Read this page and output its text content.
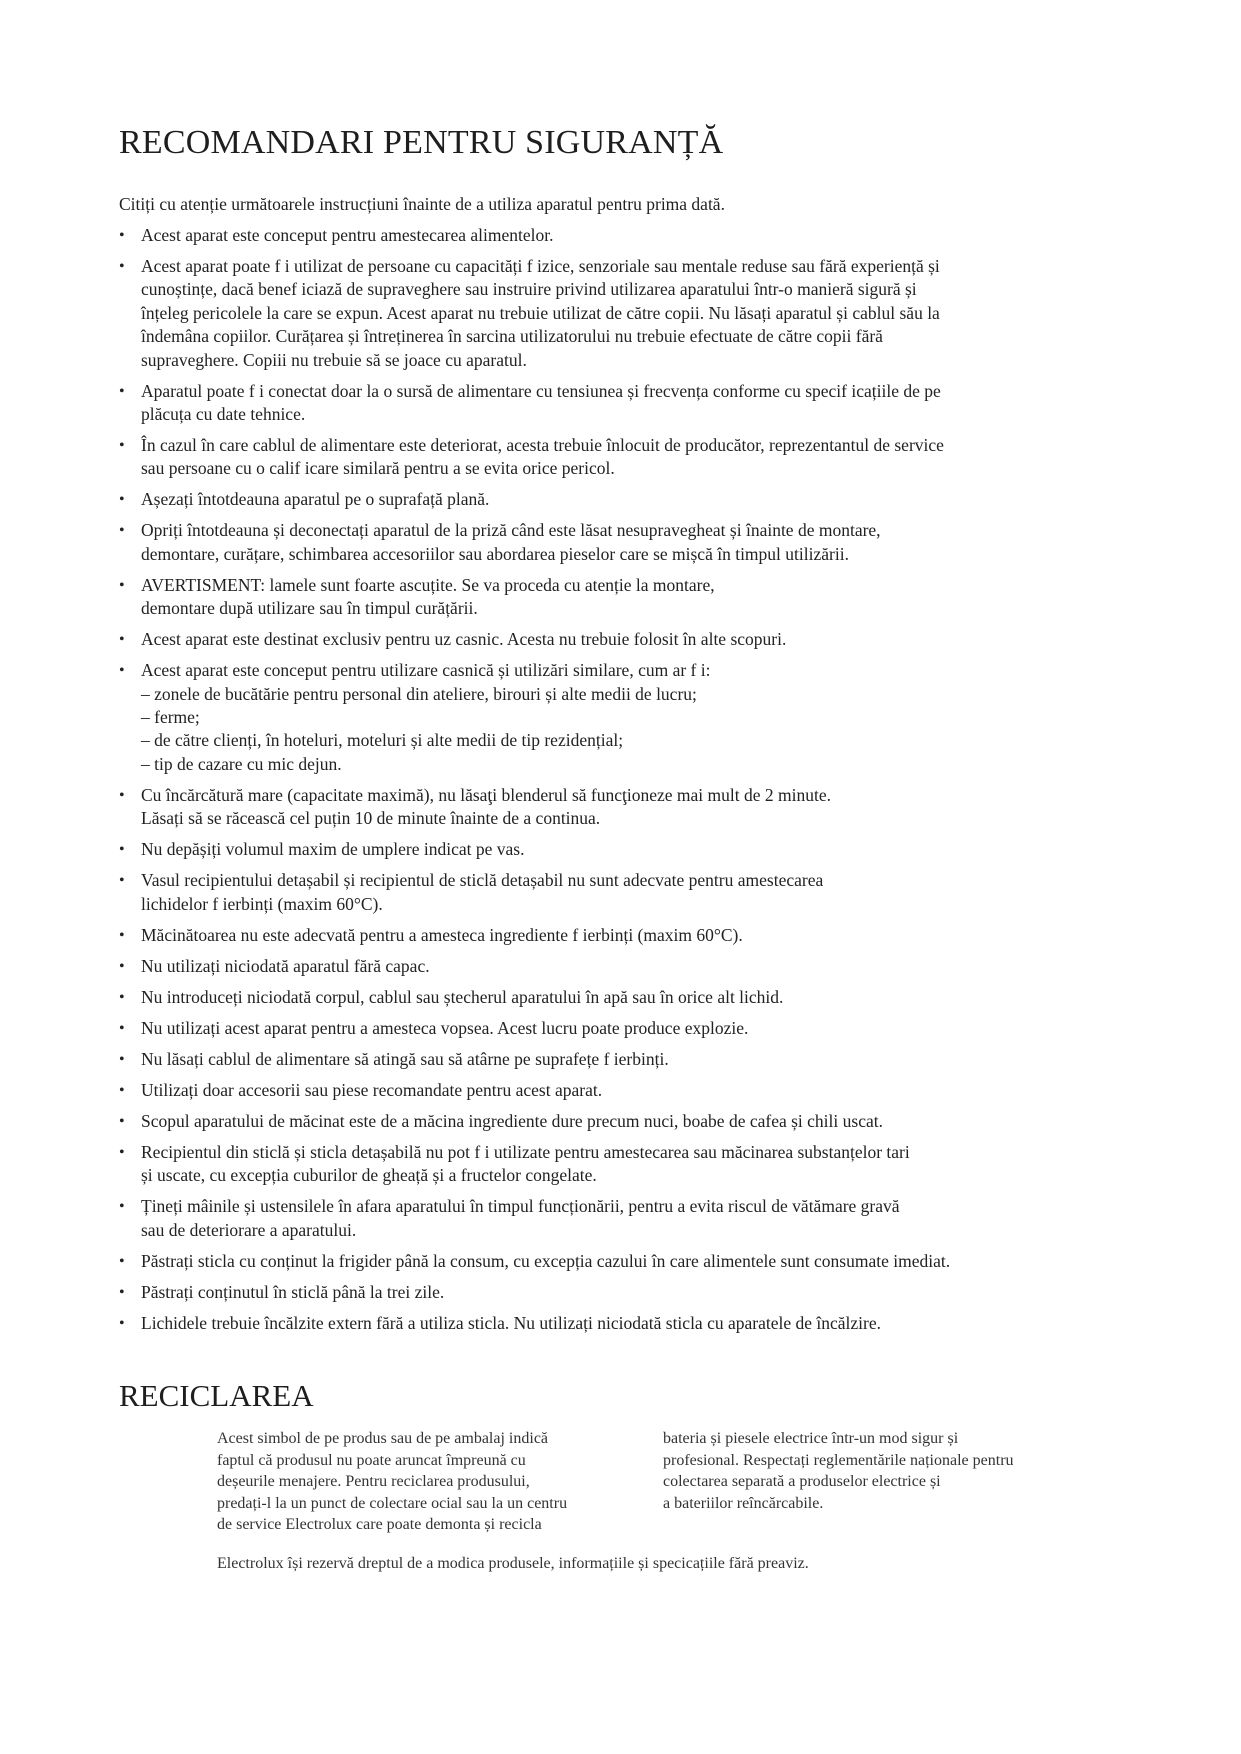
RECOMANDARI PENTRU SIGURANȚĂ

Citiți cu atenție următoarele instrucțiuni înainte de a utiliza aparatul pentru prima dată.

• Acest aparat este conceput pentru amestecarea alimentelor.
• Acest aparat poate f i utilizat de persoane cu capacități f izice, senzoriale sau mentale reduse sau fără experiență și
cunoștințe, dacă benef iciază de supraveghere sau instruire privind utilizarea aparatului într-o manieră sigură și
înțeleg pericolele la care se expun. Acest aparat nu trebuie utilizat de către copii. Nu lăsați aparatul și cablul său la
îndemâna copiilor. Curățarea și întreținerea în sarcina utilizatorului nu trebuie efectuate de către copii fără
supraveghere. Copiii nu trebuie să se joace cu aparatul.
• Aparatul poate f i conectat doar la o sursă de alimentare cu tensiunea și frecvența conforme cu specif icațiile de pe
plăcuța cu date tehnice.
• În cazul în care cablul de alimentare este deteriorat, acesta trebuie înlocuit de producător, reprezentantul de service
sau persoane cu o calif icare similară pentru a se evita orice pericol.
• Așezați întotdeauna aparatul pe o suprafață plană.
• Opriți întotdeauna și deconectați aparatul de la priză când este lăsat nesupravegheat și înainte de montare,
demontare, curățare, schimbarea accesoriilor sau abordarea pieselor care se mișcă în timpul utilizării.
• AVERTISMENT: lamele sunt foarte ascuțite. Se va proceda cu atenție la montare,
demontare după utilizare sau în timpul curățării.
• Acest aparat este destinat exclusiv pentru uz casnic. Acesta nu trebuie folosit în alte scopuri.
• Acest aparat este conceput pentru utilizare casnică și utilizări similare, cum ar f i:
– zonele de bucătărie pentru personal din ateliere, birouri și alte medii de lucru;
– ferme;
– de către clienți, în hoteluri, moteluri și alte medii de tip rezidențial;
– tip de cazare cu mic dejun.
• Cu încărcătură mare (capacitate maximă), nu lăsaţi blenderul să funcţioneze mai mult de 2 minute.
Lăsați să se răcească cel puțin 10 de minute înainte de a continua.
• Nu depășiți volumul maxim de umplere indicat pe vas.
• Vasul recipientului detașabil și recipientul de sticlă detașabil nu sunt adecvate pentru amestecarea
lichidelor f ierbinți (maxim 60°C).
• Măcinătoarea nu este adecvată pentru a amesteca ingrediente f ierbinți (maxim 60°C).
• Nu utilizați niciodată aparatul fără capac.
• Nu introduceți niciodată corpul, cablul sau ștecherul aparatului în apă sau în orice alt lichid.
• Nu utilizați acest aparat pentru a amesteca vopsea. Acest lucru poate produce explozie.
• Nu lăsați cablul de alimentare să atingă sau să atârne pe suprafețe f ierbinți.
• Utilizați doar accesorii sau piese recomandate pentru acest aparat.
• Scopul aparatului de măcinat este de a măcina ingrediente dure precum nuci, boabe de cafea și chili uscat.
• Recipientul din sticlă și sticla detașabilă nu pot f i utilizate pentru amestecarea sau măcinarea substanțelor tari
și uscate, cu excepția cuburilor de gheață și a fructelor congelate.
• Țineți mâinile și ustensilele în afara aparatului în timpul funcționării, pentru a evita riscul de vătămare gravă
sau de deteriorare a aparatului.
• Păstrați sticla cu conținut la frigider până la consum, cu excepția cazului în care alimentele sunt consumate imediat.
• Păstrați conținutul în sticlă până la trei zile.
• Lichidele trebuie încălzite extern fără a utiliza sticla. Nu utilizați niciodată sticla cu aparatele de încălzire.
RECICLAREA

Acest simbol de pe produs sau de pe ambalaj indică
faptul că produsul nu poate aruncat împreună cu
deșeurile menajere. Pentru reciclarea produsului,
predați-l la un punct de colectare ocial sau la un centru
de service Electrolux care poate demonta și recicla

bateria și piesele electrice într-un mod sigur și
profesional. Respectați reglementările naționale pentru
colectarea separată a produselor electrice și
a bateriilor reîncărcabile.

Electrolux își rezervă dreptul de a modica produsele, informațiile și specicațiile fără preaviz.
